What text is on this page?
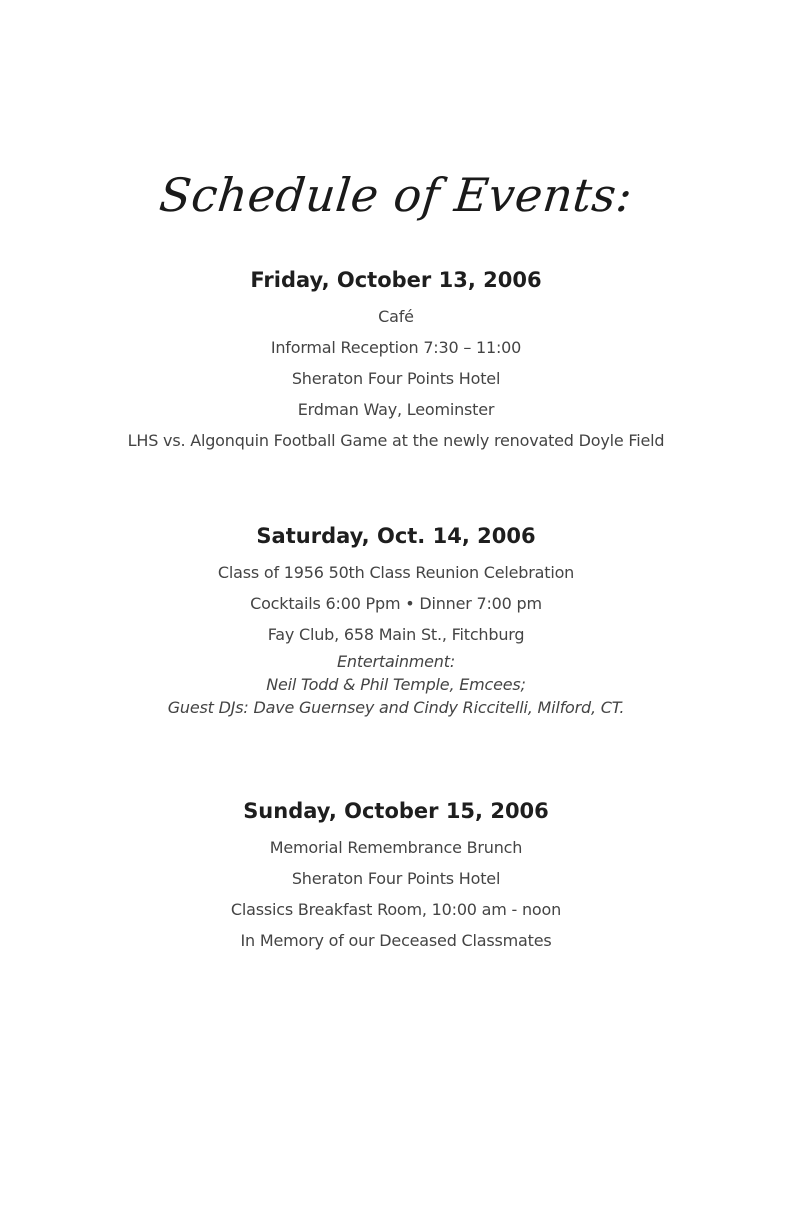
Schedule of Events:
Friday, October 13, 2006
Café
Informal Reception 7:30 – 11:00
Sheraton Four Points Hotel
Erdman Way, Leominster
LHS vs. Algonquin Football Game at the newly renovated Doyle Field
Saturday, Oct. 14, 2006
Class of 1956 50th Class Reunion Celebration
Cocktails 6:00 Ppm • Dinner 7:00 pm
Fay Club, 658 Main St., Fitchburg
Entertainment:
Neil Todd & Phil Temple, Emcees;
Guest DJs: Dave Guernsey and Cindy Riccitelli, Milford, CT.
Sunday, October 15, 2006
Memorial Remembrance Brunch
Sheraton Four Points Hotel
Classics Breakfast Room, 10:00 am - noon
In Memory of our Deceased Classmates
